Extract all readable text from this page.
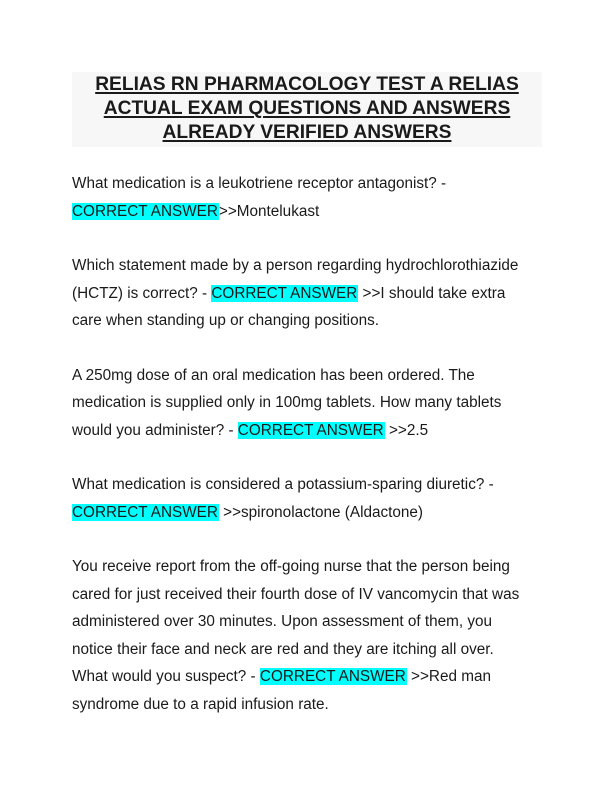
RELIAS RN PHARMACOLOGY TEST A RELIAS
ACTUAL EXAM QUESTIONS AND ANSWERS
ALREADY VERIFIED ANSWERS
What medication is a leukotriene receptor antagonist? -
CORRECT ANSWER>>Montelukast
Which statement made by a person regarding hydrochlorothiazide
(HCTZ) is correct? - CORRECT ANSWER >>I should take extra
care when standing up or changing positions.
A 250mg dose of an oral medication has been ordered. The
medication is supplied only in 100mg tablets. How many tablets
would you administer? - CORRECT ANSWER >>2.5
What medication is considered a potassium-sparing diuretic? -
CORRECT ANSWER >>spironolactone (Aldactone)
You receive report from the off-going nurse that the person being
cared for just received their fourth dose of IV vancomycin that was
administered over 30 minutes. Upon assessment of them, you
notice their face and neck are red and they are itching all over.
What would you suspect? - CORRECT ANSWER >>Red man
syndrome due to a rapid infusion rate.
